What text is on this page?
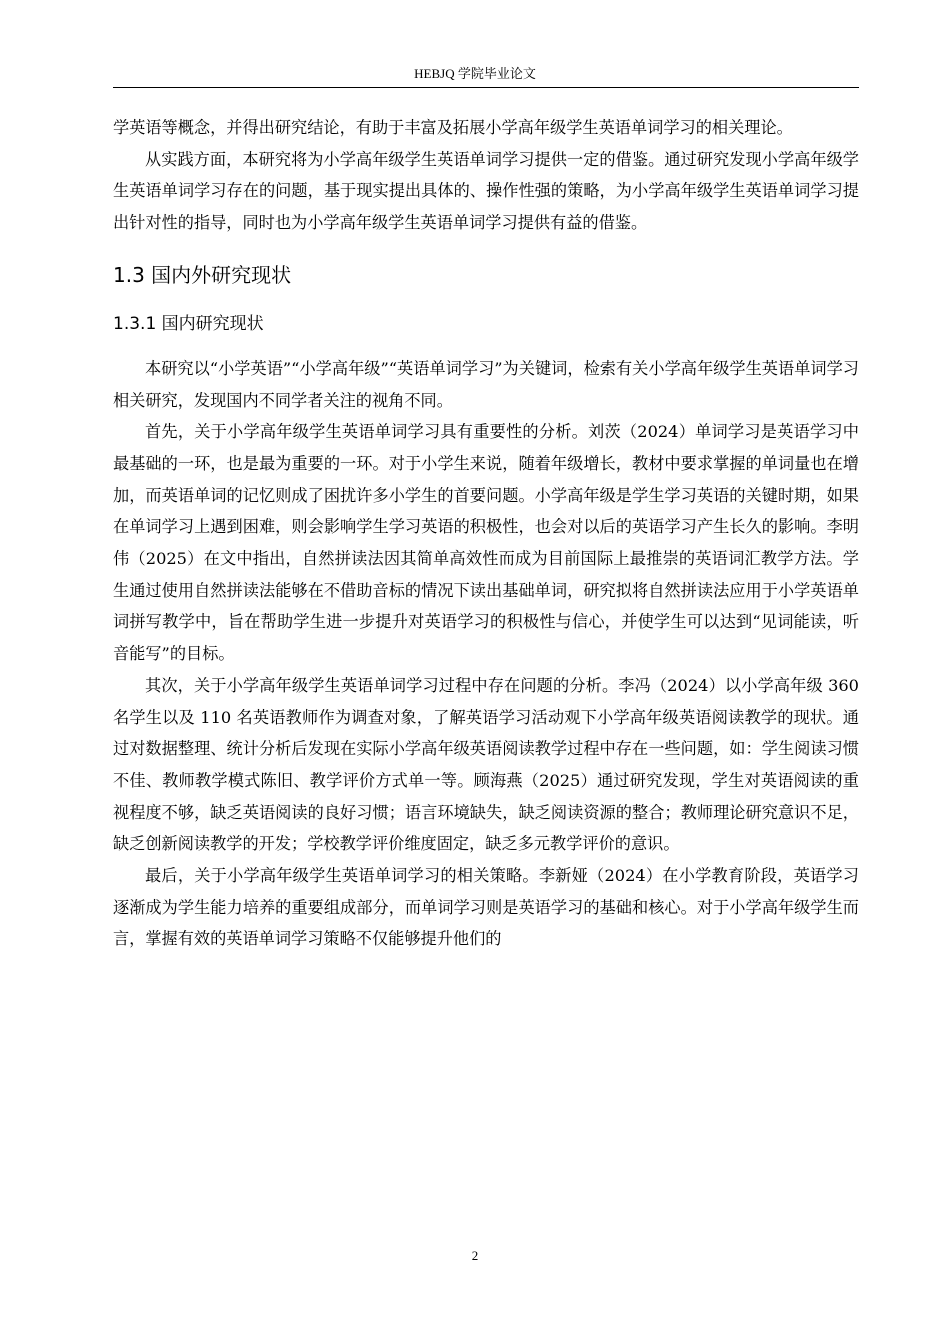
HEBJQ 学院毕业论文

学英语等概念，并得出研究结论，有助于丰富及拓展小学高年级学生英语单词学习的相关理论。

从实践方面，本研究将为小学高年级学生英语单词学习提供一定的借鉴。通过研究发现小学高年级学生英语单词学习存在的问题，基于现实提出具体的、操作性强的策略，为小学高年级学生英语单词学习提出针对性的指导，同时也为小学高年级学生英语单词学习提供有益的借鉴。

1.3 国内外研究现状
1.3.1 国内研究现状

本研究以“小学英语”“小学高年级”“英语单词学习”为关键词，检索有关小学高年级学生英语单词学习相关研究，发现国内不同学者关注的视角不同。

首先，关于小学高年级学生英语单词学习具有重要性的分析。刘茨（2024）单词学习是英语学习中最基础的一环，也是最为重要的一环。对于小学生来说，随着年级增长，教材中要求掌握的单词量也在增加，而英语单词的记忆则成了困扰许多小学生的首要问题。小学高年级是学生学习英语的关键时期，如果在单词学习上遇到困难，则会影响学生学习英语的积极性，也会对以后的英语学习产生长久的影响。李明伟（2025）在文中指出，自然拼读法因其简单高效性而成为目前国际上最推崇的英语词汇教学方法。学生通过使用自然拼读法能够在不借助音标的情况下读出基础单词，研究拟将自然拼读法应用于小学英语单词拼写教学中，旨在帮助学生进一步提升对英语学习的积极性与信心，并使学生可以达到“见词能读，听音能写”的目标。

其次，关于小学高年级学生英语单词学习过程中存在问题的分析。李冯（2024）以小学高年级 360 名学生以及 110 名英语教师作为调查对象，了解英语学习活动观下小学高年级英语阅读教学的现状。通过对数据整理、统计分析后发现在实际小学高年级英语阅读教学过程中存在一些问题，如：学生阅读习惯不佳、教师教学模式陈旧、教学评价方式单一等。顾海燕（2025）通过研究发现，学生对英语阅读的重视程度不够，缺乏英语阅读的良好习惯；语言环境缺失，缺乏阅读资源的整合；教师理论研究意识不足，缺乏创新阅读教学的开发；学校教学评价维度固定，缺乏多元教学评价的意识。

最后，关于小学高年级学生英语单词学习的相关策略。李新娅（2024）在小学教育阶段，英语学习逐渐成为学生能力培养的重要组成部分，而单词学习则是英语学习的基础和核心。对于小学高年级学生而言，掌握有效的英语单词学习策略不仅能够提升他们的

2
